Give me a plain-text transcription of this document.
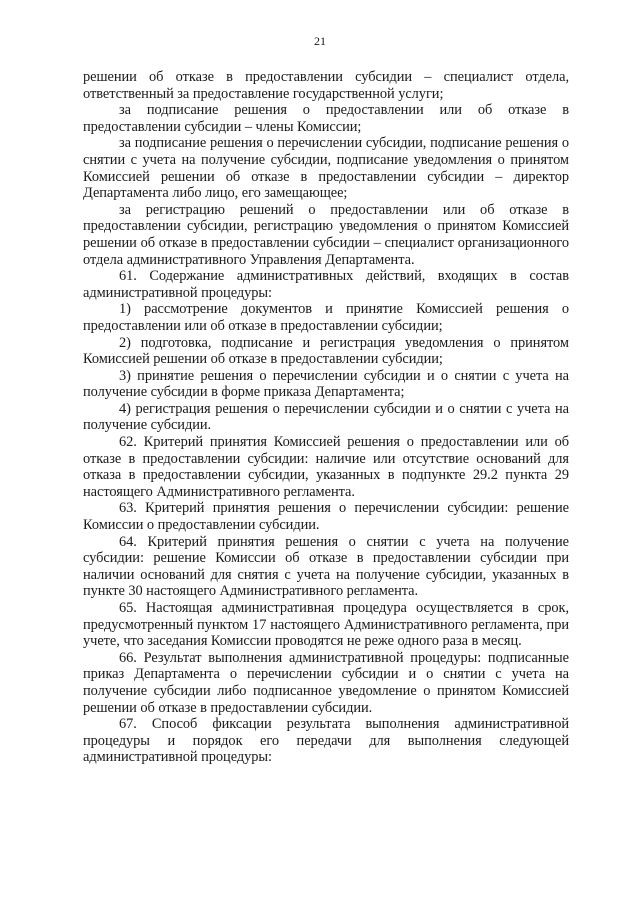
21

решении об отказе в предоставлении субсидии – специалист отдела, ответственный за предоставление государственной услуги;

за подписание решения о предоставлении или об отказе в предоставлении субсидии – члены Комиссии;

за подписание решения о перечислении субсидии, подписание решения о снятии с учета на получение субсидии, подписание уведомления о принятом Комиссией решении об отказе в предоставлении субсидии – директор Департамента либо лицо, его замещающее;

за регистрацию решений о предоставлении или об отказе в предоставлении субсидии, регистрацию уведомления о принятом Комиссией решении об отказе в предоставлении субсидии – специалист организационного отдела административного Управления Департамента.

61. Содержание административных действий, входящих в состав административной процедуры:

1) рассмотрение документов и принятие Комиссией решения о предоставлении или об отказе в предоставлении субсидии;

2) подготовка, подписание и регистрация уведомления о принятом Комиссией решении об отказе в предоставлении субсидии;

3) принятие решения о перечислении субсидии и о снятии с учета на получение субсидии в форме приказа Департамента;

4) регистрация решения о перечислении субсидии и о снятии с учета на получение субсидии.

62. Критерий принятия Комиссией решения о предоставлении или об отказе в предоставлении субсидии: наличие или отсутствие оснований для отказа в предоставлении субсидии, указанных в подпункте 29.2 пункта 29 настоящего Административного регламента.

63. Критерий принятия решения о перечислении субсидии: решение Комиссии о предоставлении субсидии.

64. Критерий принятия решения о снятии с учета на получение субсидии: решение Комиссии об отказе в предоставлении субсидии при наличии оснований для снятия с учета на получение субсидии, указанных в пункте 30 настоящего Административного регламента.

65. Настоящая административная процедура осуществляется в срок, предусмотренный пунктом 17 настоящего Административного регламента, при учете, что заседания Комиссии проводятся не реже одного раза в месяц.

66. Результат выполнения административной процедуры: подписанные приказ Департамента о перечислении субсидии и о снятии с учета на получение субсидии либо подписанное уведомление о принятом Комиссией решении об отказе в предоставлении субсидии.

67. Способ фиксации результата выполнения административной процедуры и порядок его передачи для выполнения следующей административной процедуры:
